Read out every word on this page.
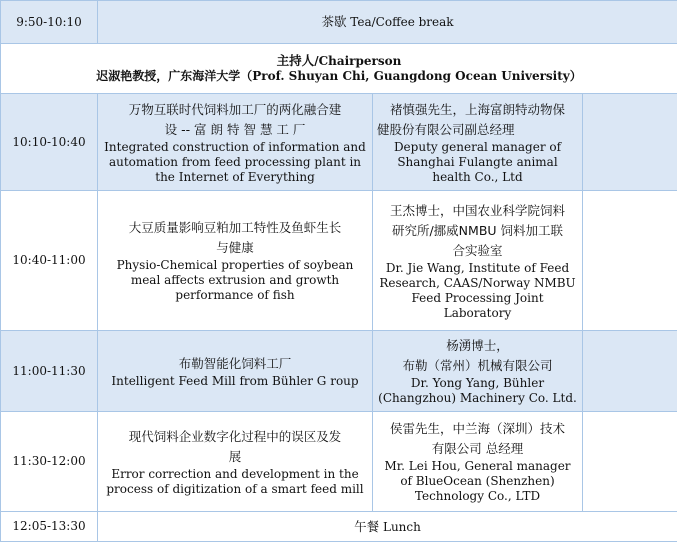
9:50-10:10	茶歇 Tea/Coffee break		

主持人/Chairperson
迟淑艳教授，广东海洋大学（Prof. Shuyan Chi, Guangdong Ocean University）			

10:10-10:40	万物互联时代饲料加工厂的两化融合建
设 -- 富 朗 特 智 慧 工 厂
Integrated construction of information and automation from feed processing plant in the Internet of Everything	褚慎强先生，上海富朗特动物保
健股份有限公司副总经理
Deputy general manager of Shanghai Fulangte animal health Co., Ltd	

10:40-11:00	大豆质量影响豆粕加工特性及鱼虾生长
与健康
Physio-Chemical properties of soybean meal affects extrusion and growth performance of fish	王杰博士，中国农业科学院饲料
研究所/挪威NMBU 饲料加工联
合实验室
Dr. Jie Wang, Institute of Feed Research, CAAS/Norway NMBU Feed Processing Joint Laboratory	

11:00-11:30	布勒智能化饲料工厂
Intelligent Feed Mill from Bühler G roup	杨湧博士，
布勒（常州）机械有限公司
Dr. Yong Yang, Bühler (Changzhou) Machinery Co. Ltd.	

11:30-12:00	现代饲料企业数字化过程中的误区及发
展
Error correction and development in the process of digitization of a smart feed mill	侯雷先生，中兰海（深圳）技术
有限公司 总经理
Mr. Lei Hou, General manager of BlueOcean (Shenzhen) Technology Co., LTD	

12:05-13:30	午餐 Lunch		
